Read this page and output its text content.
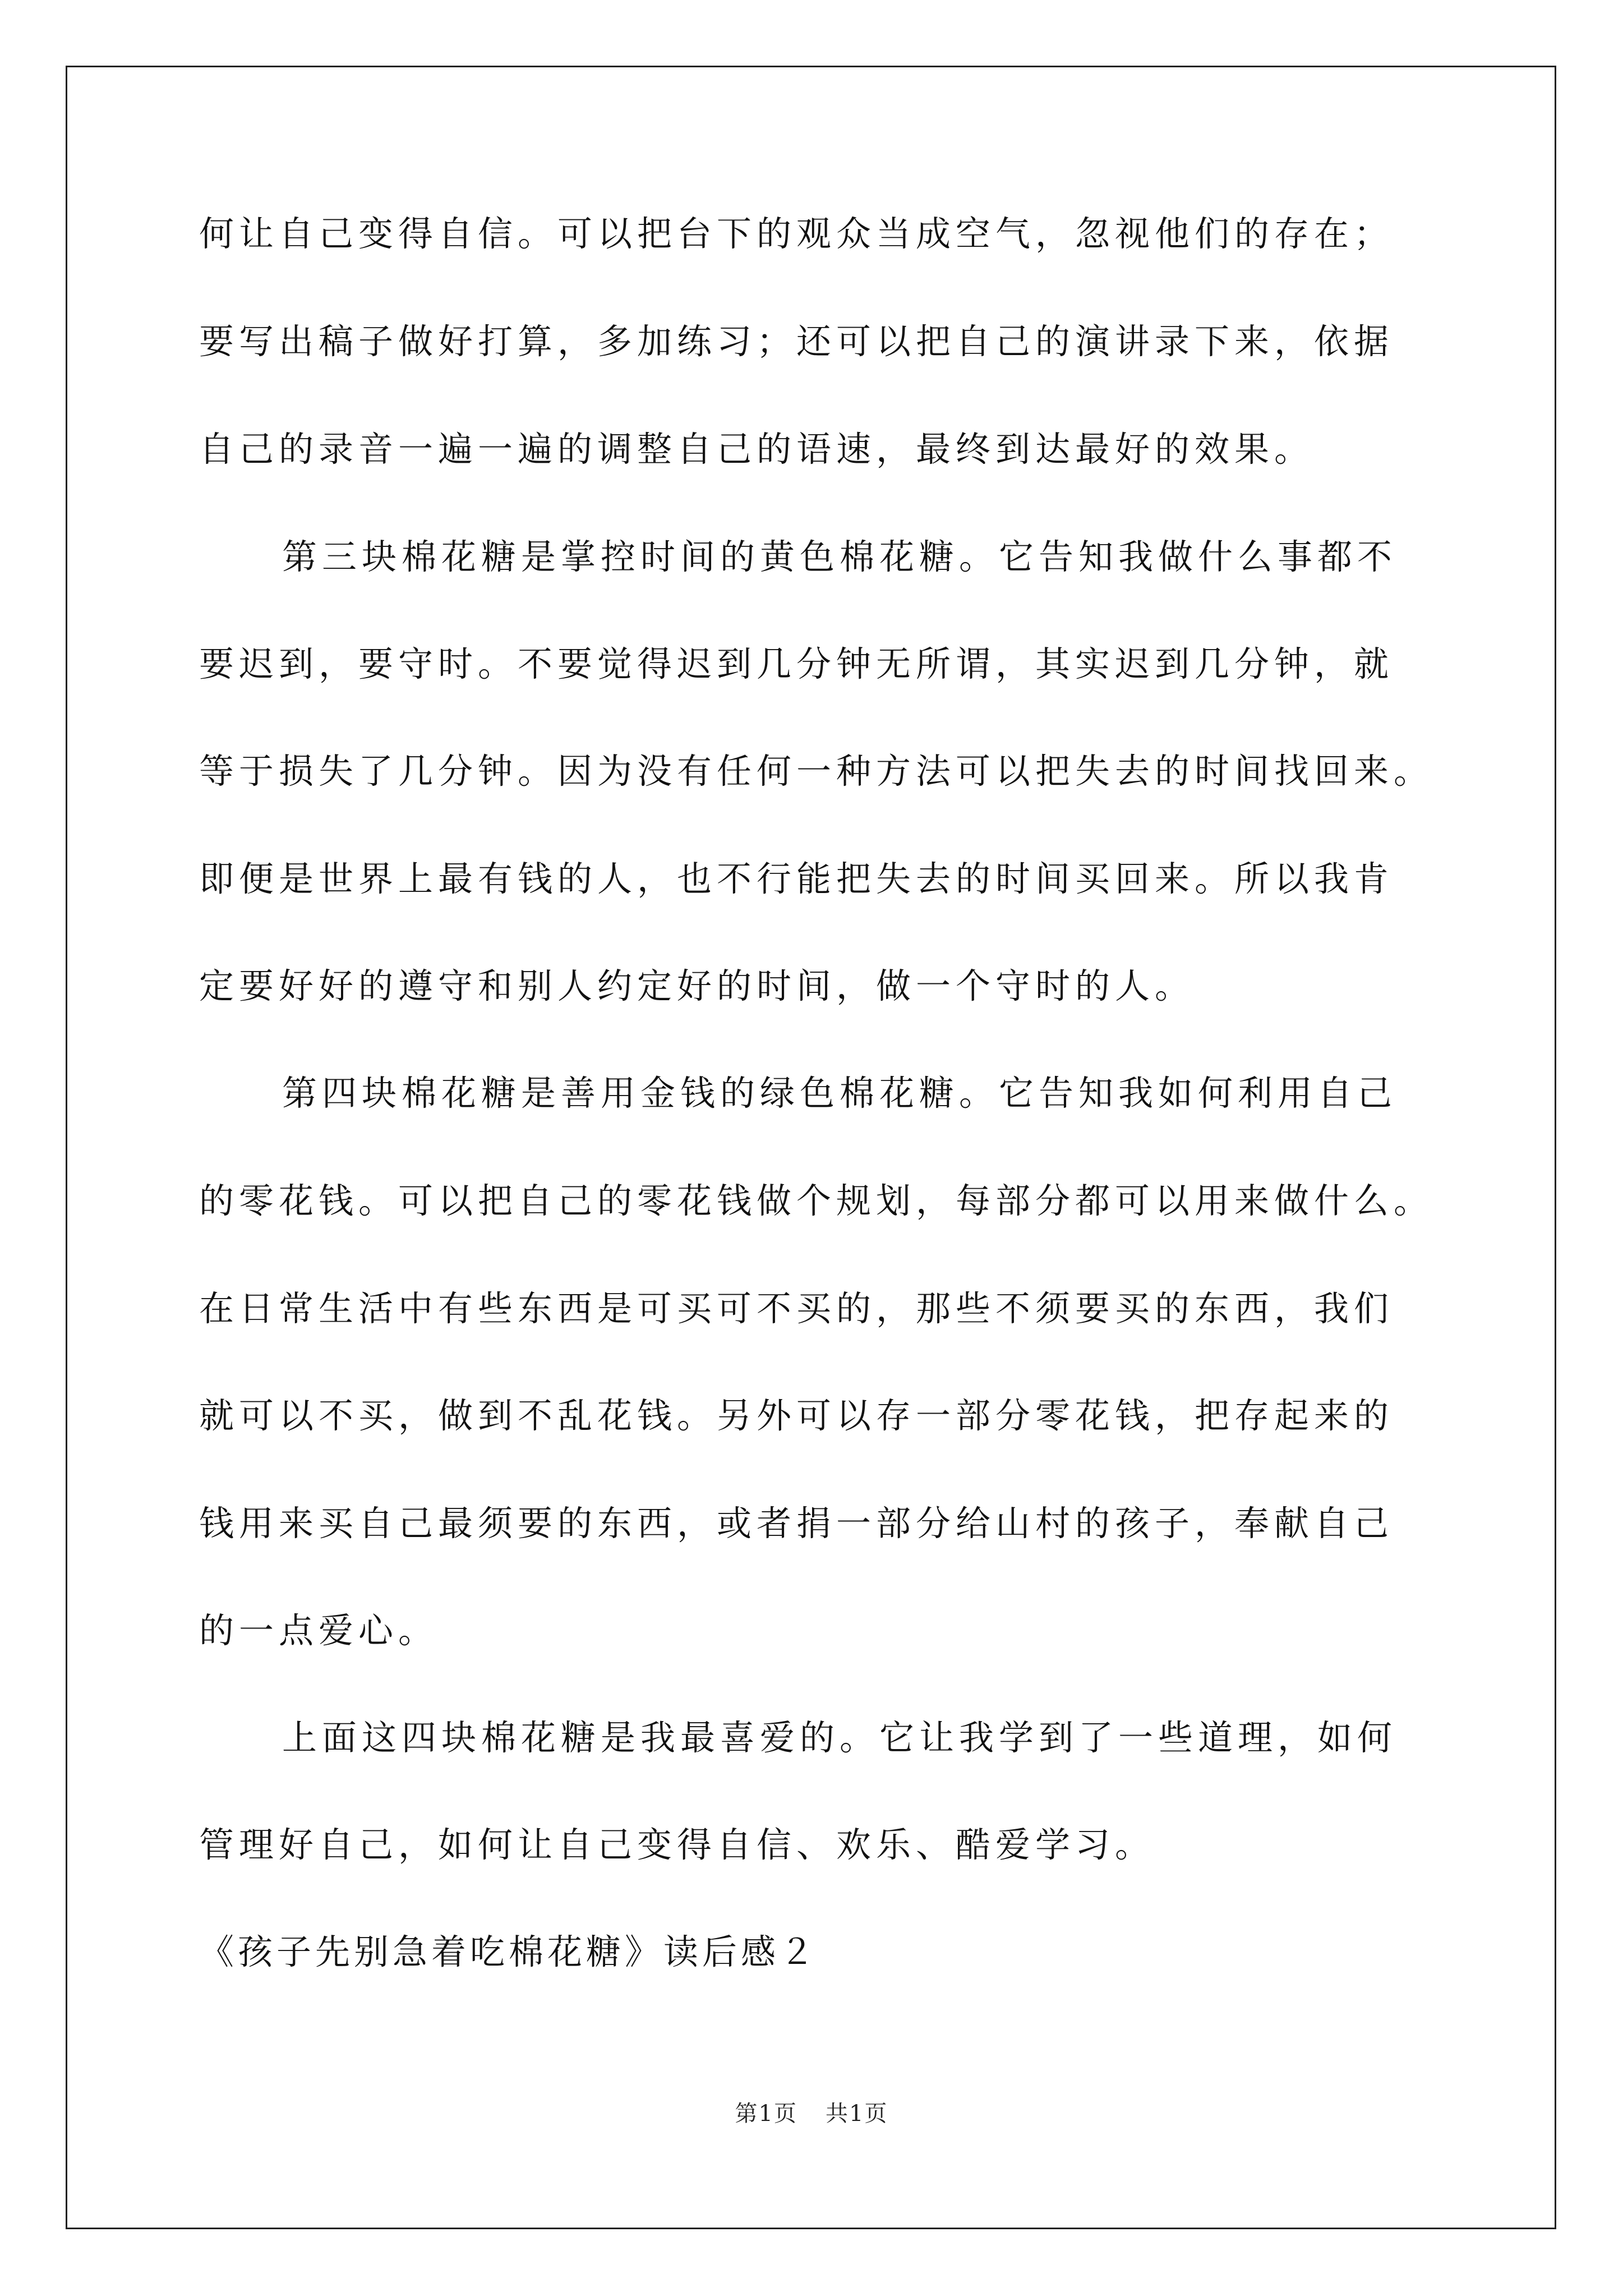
何让自己变得自信。可以把台下的观众当成空气，忽视他们的存在；
要写出稿子做好打算，多加练习；还可以把自己的演讲录下来，依据
自己的录音一遍一遍的调整自己的语速，最终到达最好的效果。
第三块棉花糖是掌控时间的黄色棉花糖。它告知我做什么事都不
要迟到，要守时。不要觉得迟到几分钟无所谓，其实迟到几分钟，就
等于损失了几分钟。因为没有任何一种方法可以把失去的时间找回来。
即便是世界上最有钱的人，也不行能把失去的时间买回来。所以我肯
定要好好的遵守和别人约定好的时间，做一个守时的人。
第四块棉花糖是善用金钱的绿色棉花糖。它告知我如何利用自己
的零花钱。可以把自己的零花钱做个规划，每部分都可以用来做什么。
在日常生活中有些东西是可买可不买的，那些不须要买的东西，我们
就可以不买，做到不乱花钱。另外可以存一部分零花钱，把存起来的
钱用来买自己最须要的东西，或者捐一部分给山村的孩子，奉献自己
的一点爱心。
上面这四块棉花糖是我最喜爱的。它让我学到了一些道理，如何
管理好自己，如何让自己变得自信、欢乐、酷爱学习。
《孩子先别急着吃棉花糖》读后感２
第1页 共1页
